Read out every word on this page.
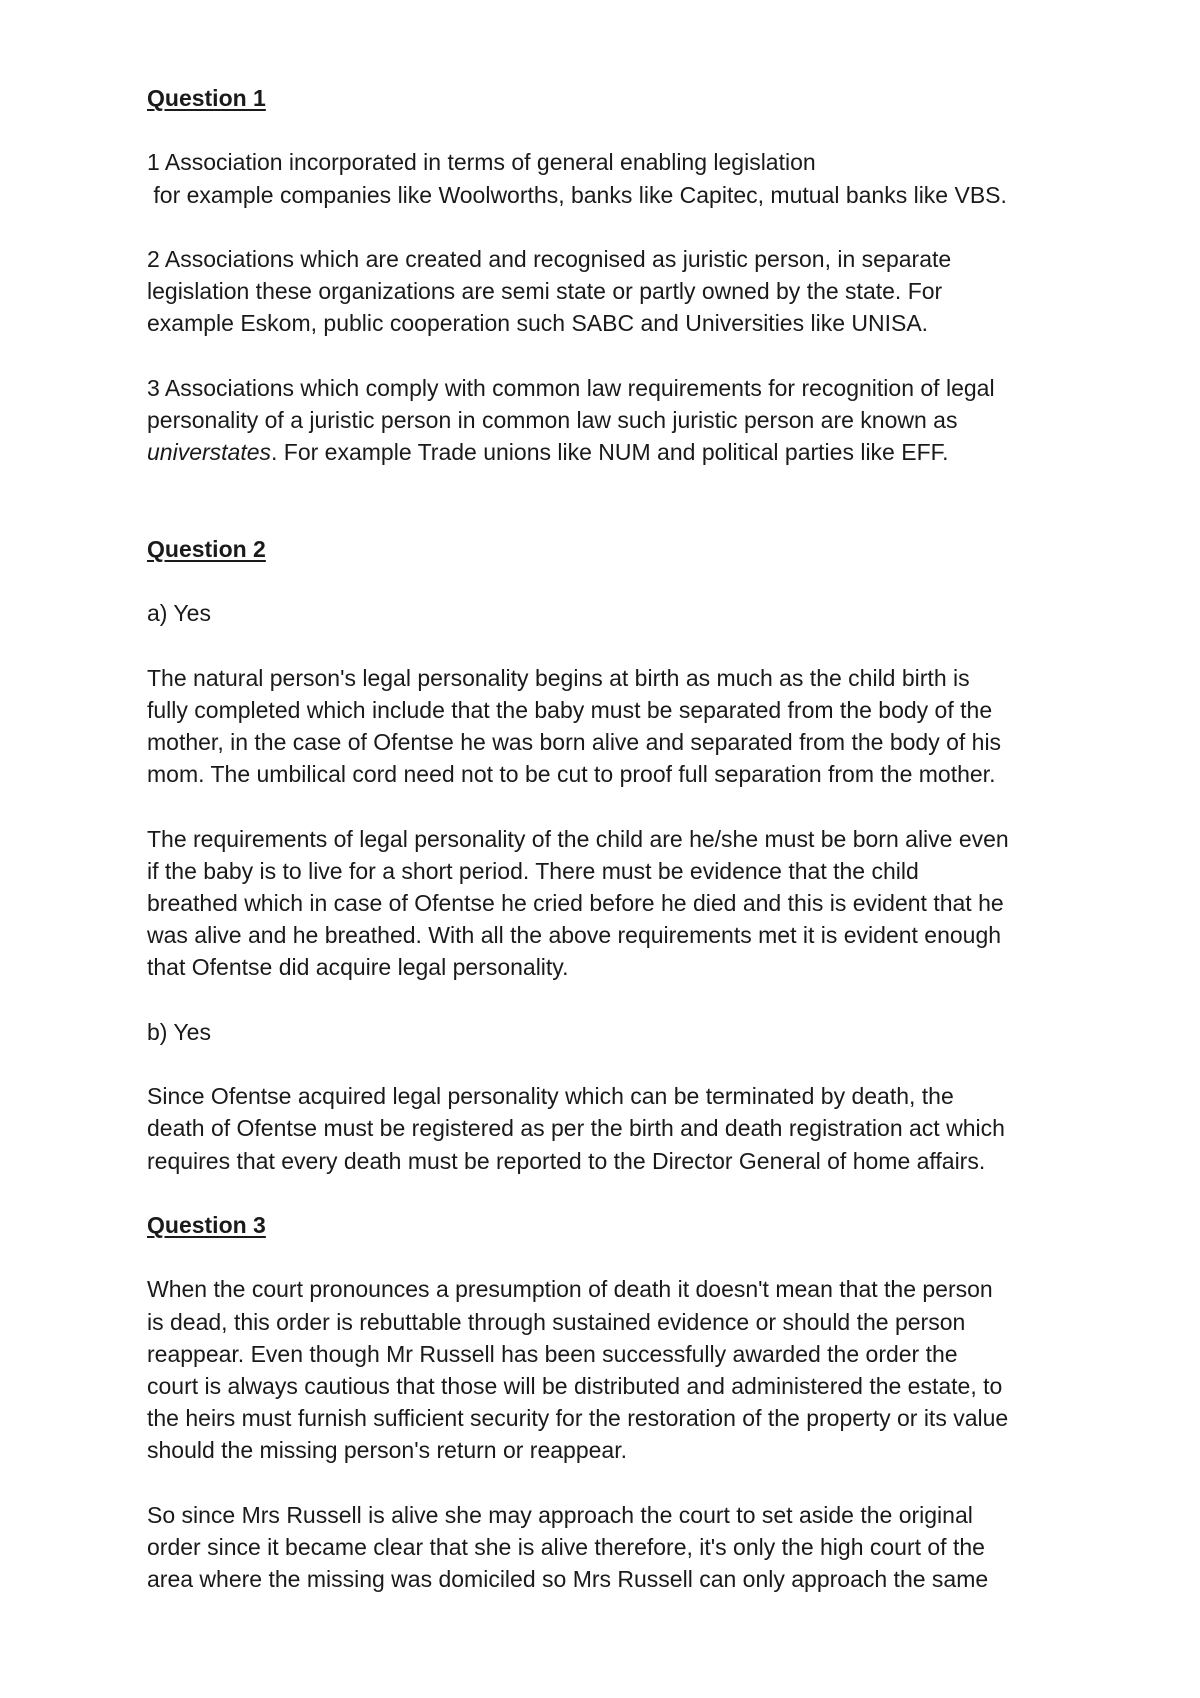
Question 1

1 Association incorporated in terms of general enabling legislation
for example companies like Woolworths, banks like Capitec, mutual banks like VBS.

2 Associations which are created and recognised as juristic person, in separate
legislation these organizations are semi state or partly owned by the state. For
example Eskom, public cooperation such SABC and Universities like UNISA.

3 Associations which comply with common law requirements for recognition of legal
personality of a juristic person in common law such juristic person are known as
universtates. For example Trade unions like NUM and political parties like EFF.

Question 2

a) Yes

The natural person's legal personality begins at birth as much as the child birth is
fully completed which include that the baby must be separated from the body of the
mother, in the case of Ofentse he was born alive and separated from the body of his
mom. The umbilical cord need not to be cut to proof full separation from the mother.

The requirements of legal personality of the child are he/she must be born alive even
if the baby is to live for a short period. There must be evidence that the child
breathed which in case of Ofentse he cried before he died and this is evident that he
was alive and he breathed. With all the above requirements met it is evident enough
that Ofentse did acquire legal personality.

b) Yes

Since Ofentse acquired legal personality which can be terminated by death, the
death of Ofentse must be registered as per the birth and death registration act which
requires that every death must be reported to the Director General of home affairs.

Question 3

When the court pronounces a presumption of death it doesn't mean that the person
is dead, this order is rebuttable through sustained evidence or should the person
reappear. Even though Mr Russell has been successfully awarded the order the
court is always cautious that those will be distributed and administered the estate, to
the heirs must furnish sufficient security for the restoration of the property or its value
should the missing person's return or reappear.

So since Mrs Russell is alive she may approach the court to set aside the original
order since it became clear that she is alive therefore, it's only the high court of the
area where the missing was domiciled so Mrs Russell can only approach the same
